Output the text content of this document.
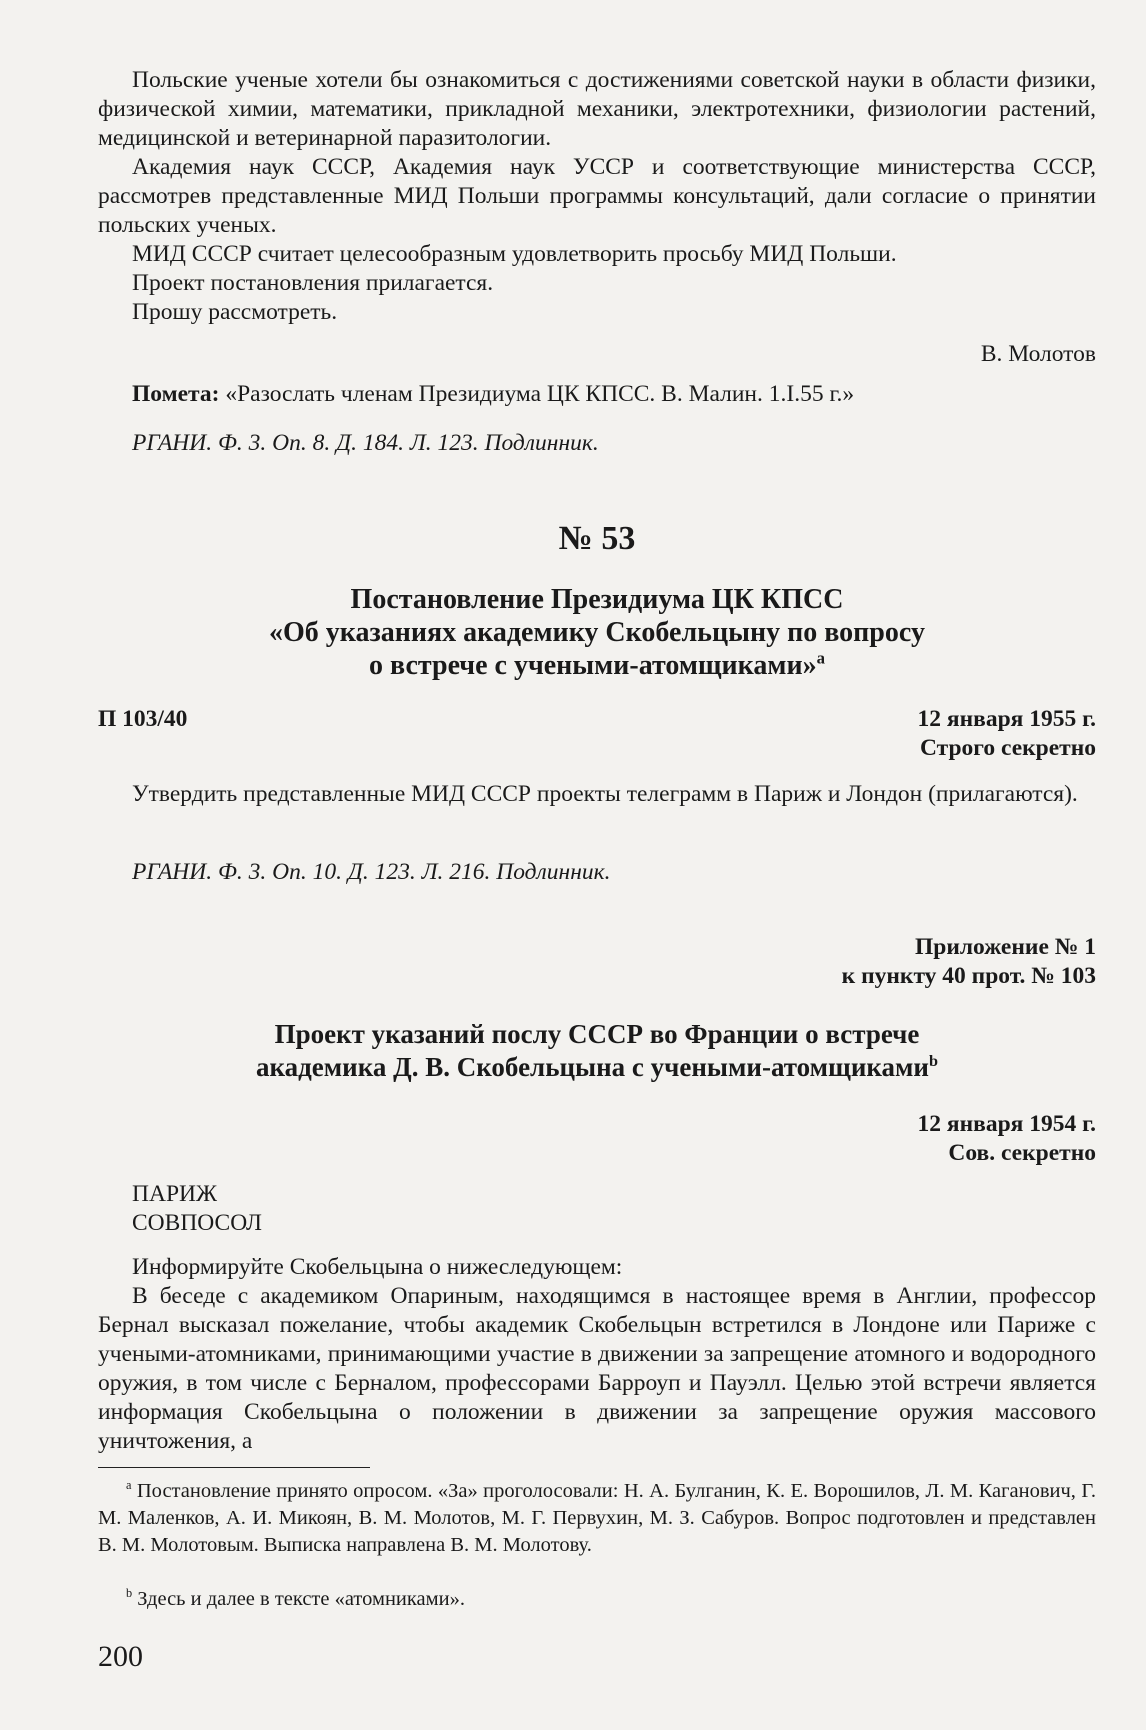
Польские ученые хотели бы ознакомиться с достижениями советской науки в области физики, физической химии, математики, прикладной механики, электротехники, физиологии растений, медицинской и ветеринарной паразитологии.

Академия наук СССР, Академия наук УССР и соответствующие министерства СССР, рассмотрев представленные МИД Польши программы консультаций, дали согласие о принятии польских ученых.

МИД СССР считает целесообразным удовлетворить просьбу МИД Польши.

Проект постановления прилагается.

Прошу рассмотреть.

В. Молотов

Помета: «Разослать членам Президиума ЦК КПСС. В. Малин. 1.I.55 г.»

РГАНИ. Ф. 3. Оп. 8. Д. 184. Л. 123. Подлинник.

№ 53
Постановление Президиума ЦК КПСС
«Об указаниях академику Скобельцыну по вопросу
о встрече с учеными-атомщиками»$^a$
П 103/40	12 января 1955 г.
Строго секретно

Утвердить представленные МИД СССР проекты телеграмм в Париж и Лондон (прилагаются).

РГАНИ. Ф. 3. Оп. 10. Д. 123. Л. 216. Подлинник.

Приложение № 1
к пункту 40 прот. № 103
Проект указаний послу СССР во Франции о встрече
академика Д. В. Скобельцына с учеными-атомщиками$^b$
12 января 1954 г.
Сов. секретно

ПАРИЖ

СОВПОСОЛ

Информируйте Скобельцына о нижеследующем:

В беседе с академиком Опариным, находящимся в настоящее время в Англии, профессор Бернал высказал пожелание, чтобы академик Скобельцын встретился в Лондоне или Париже с учеными-атомниками, принимающими участие в движении за запрещение атомного и водородного оружия, в том числе с Берналом, профессорами Барроуп и Пауэлл. Целью этой встречи является информация Скобельцына о положении в движении за запрещение оружия массового уничтожения, а

$^a$ Постановление принято опросом. «За» проголосовали: Н. А. Булганин, К. Е. Ворошилов, Л. М. Каганович, Г. М. Маленков, А. И. Микоян, В. М. Молотов, М. Г. Первухин, М. З. Сабуров. Вопрос подготовлен и представлен В. М. Молотовым. Выписка направлена В. М. Молотову.

$^b$ Здесь и далее в тексте «атомниками».

200
